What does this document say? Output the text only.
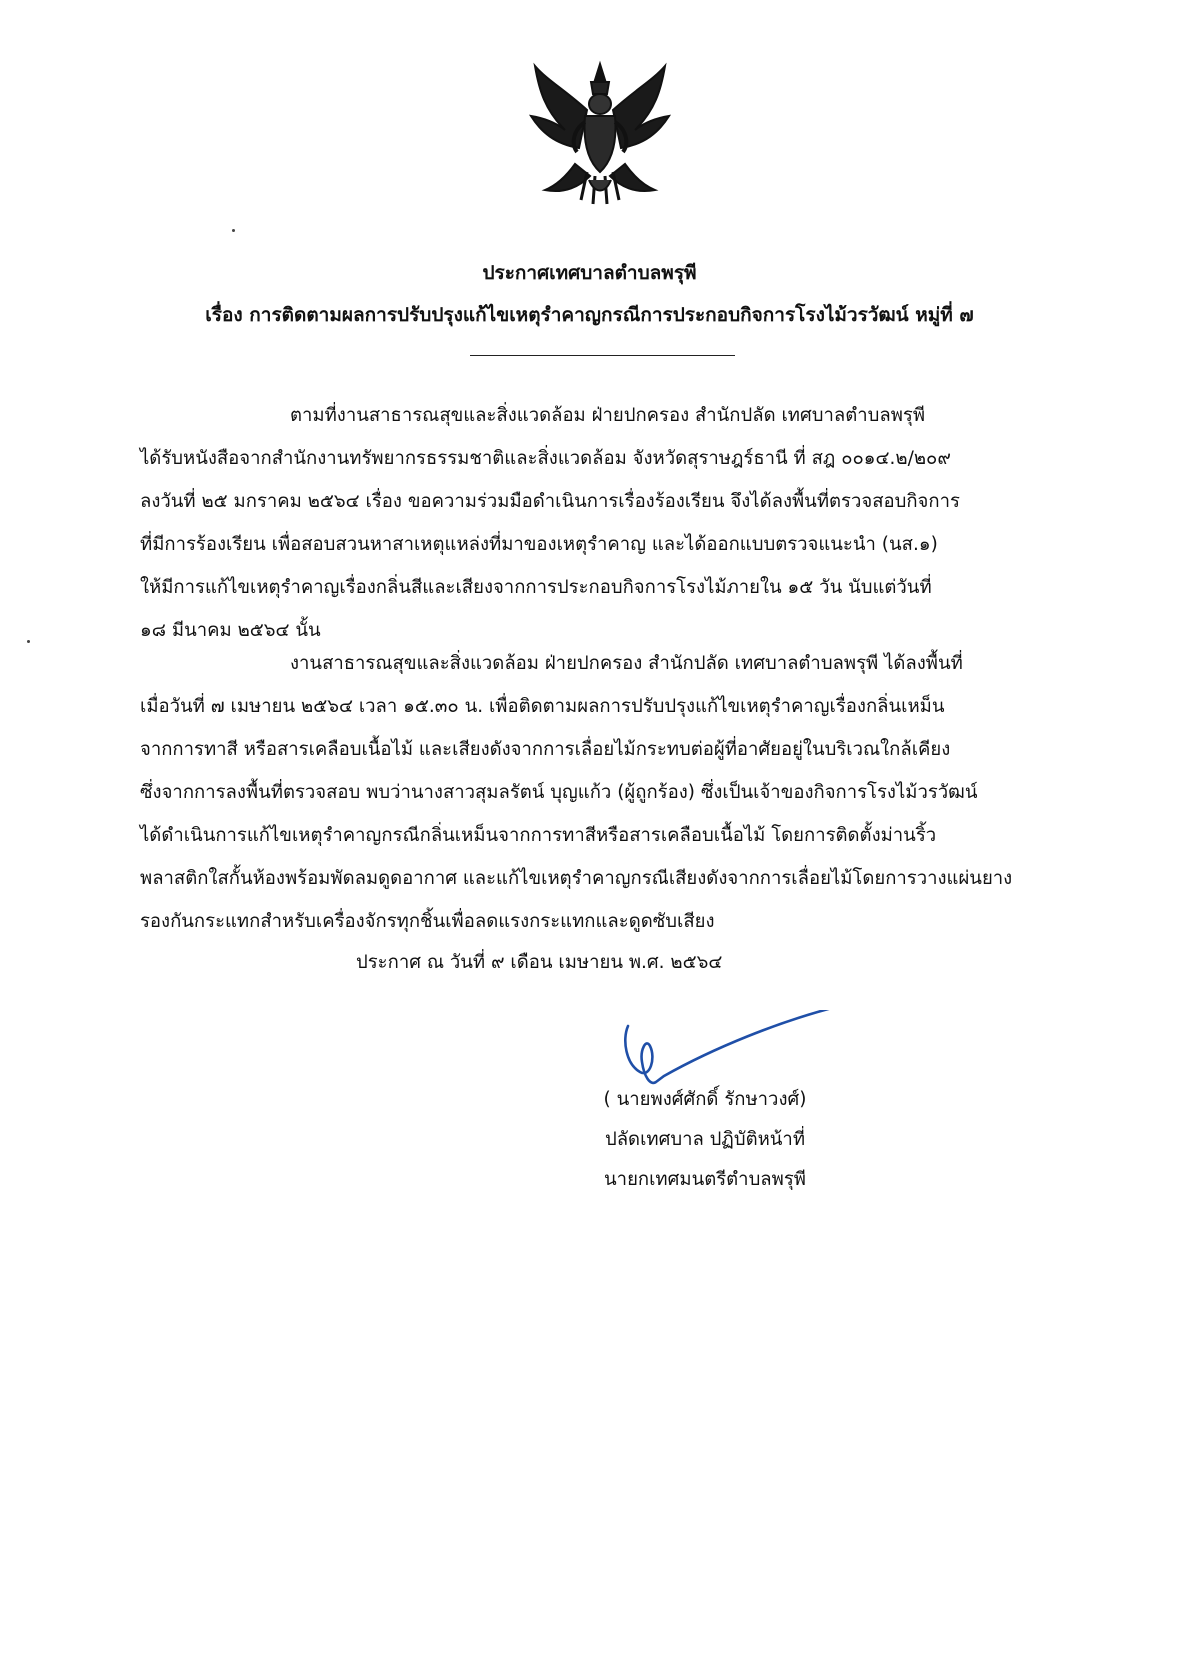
ประกาศเทศบาลตำบลพรุพี
เรื่อง การติดตามผลการปรับปรุงแก้ไขเหตุรำคาญกรณีการประกอบกิจการโรงไม้วรวัฒน์ หมู่ที่ ๗
ตามที่งานสาธารณสุขและสิ่งแวดล้อม ฝ่ายปกครอง สำนักปลัด เทศบาลตำบลพรุพี
ได้รับหนังสือจากสำนักงานทรัพยากรธรรมชาติและสิ่งแวดล้อม จังหวัดสุราษฎร์ธานี ที่ สฎ ๐๐๑๔.๒/๒๐๙
ลงวันที่ ๒๕ มกราคม ๒๕๖๔ เรื่อง ขอความร่วมมือดำเนินการเรื่องร้องเรียน จึงได้ลงพื้นที่ตรวจสอบกิจการ
ที่มีการร้องเรียน เพื่อสอบสวนหาสาเหตุแหล่งที่มาของเหตุรำคาญ และได้ออกแบบตรวจแนะนำ (นส.๑)
ให้มีการแก้ไขเหตุรำคาญเรื่องกลิ่นสีและเสียงจากการประกอบกิจการโรงไม้ภายใน ๑๕ วัน นับแต่วันที่
๑๘ มีนาคม ๒๕๖๔ นั้น
งานสาธารณสุขและสิ่งแวดล้อม ฝ่ายปกครอง สำนักปลัด เทศบาลตำบลพรุพี ได้ลงพื้นที่
เมื่อวันที่ ๗ เมษายน ๒๕๖๔ เวลา ๑๕.๓๐ น. เพื่อติดตามผลการปรับปรุงแก้ไขเหตุรำคาญเรื่องกลิ่นเหม็น
จากการทาสี หรือสารเคลือบเนื้อไม้ และเสียงดังจากการเลื่อยไม้กระทบต่อผู้ที่อาศัยอยู่ในบริเวณใกล้เคียง
ซึ่งจากการลงพื้นที่ตรวจสอบ พบว่านางสาวสุมลรัตน์ บุญแก้ว (ผู้ถูกร้อง) ซึ่งเป็นเจ้าของกิจการโรงไม้วรวัฒน์
ได้ดำเนินการแก้ไขเหตุรำคาญกรณีกลิ่นเหม็นจากการทาสีหรือสารเคลือบเนื้อไม้ โดยการติดตั้งม่านริ้ว
พลาสติกใสกั้นห้องพร้อมพัดลมดูดอากาศ และแก้ไขเหตุรำคาญกรณีเสียงดังจากการเลื่อยไม้โดยการวางแผ่นยาง
รองกันกระแทกสำหรับเครื่องจักรทุกชิ้นเพื่อลดแรงกระแทกและดูดซับเสียง
ประกาศ ณ วันที่ ๙ เดือน เมษายน พ.ศ. ๒๕๖๔
( นายพงศ์ศักดิ์ รักษาวงศ์)
ปลัดเทศบาล ปฏิบัติหน้าที่
นายกเทศมนตรีตำบลพรุพี
